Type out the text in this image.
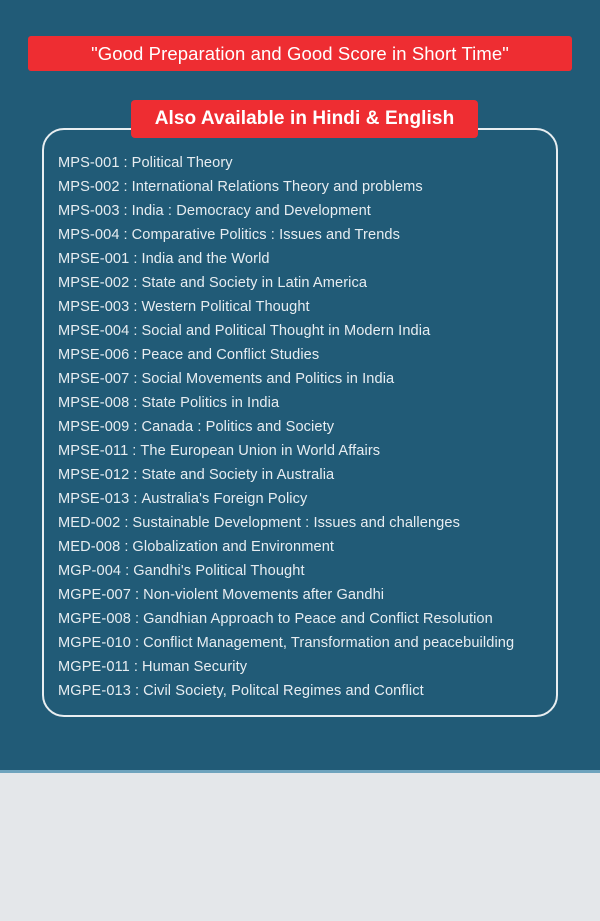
"Good Preparation and Good Score in Short Time"
Also Available in Hindi & English
MPS-001 : Political Theory
MPS-002 : International Relations Theory and problems
MPS-003 : India : Democracy and Development
MPS-004 : Comparative Politics : Issues and Trends
MPSE-001 : India and the World
MPSE-002 : State and Society in Latin America
MPSE-003 : Western Political Thought
MPSE-004 : Social and Political Thought in Modern India
MPSE-006 : Peace and Conflict Studies
MPSE-007 : Social Movements and Politics in India
MPSE-008 : State Politics in India
MPSE-009 : Canada : Politics and Society
MPSE-011 : The European Union in World Affairs
MPSE-012 : State and Society in Australia
MPSE-013 : Australia's Foreign Policy
MED-002 : Sustainable Development : Issues and challenges
MED-008 : Globalization and Environment
MGP-004 : Gandhi's Political Thought
MGPE-007 : Non-violent Movements after Gandhi
MGPE-008 : Gandhian Approach to Peace and Conflict Resolution
MGPE-010 : Conflict Management, Transformation and peacebuilding
MGPE-011 : Human Security
MGPE-013 : Civil Society, Politcal Regimes and Conflict
